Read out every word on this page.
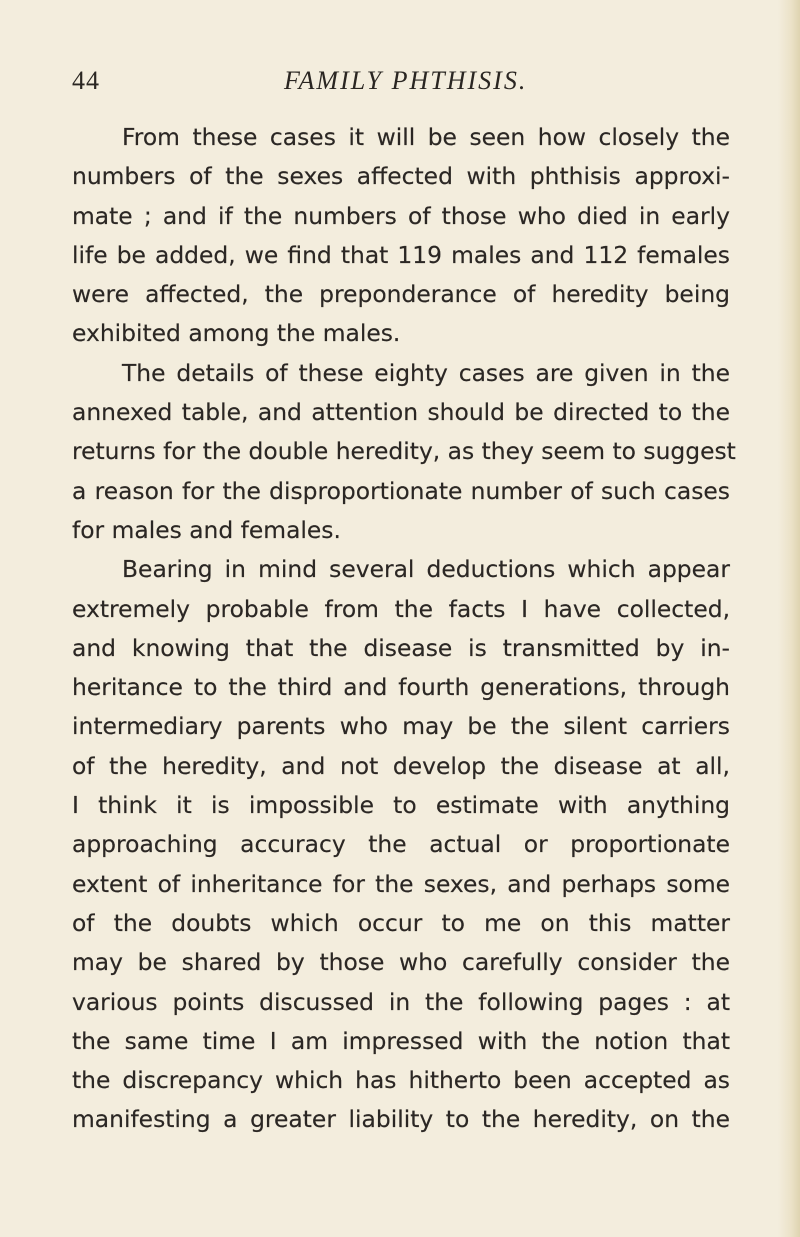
44	FAMILY PHTHISIS.
From these cases it will be seen how closely the
numbers of the sexes affected with phthisis approxi-
mate ; and if the numbers of those who died in early
life be added, we find that 119 males and 112 females
were affected, the preponderance of heredity being
exhibited among the males.
The details of these eighty cases are given in the
annexed table, and attention should be directed to the
returns for the double heredity, as they seem to suggest
a reason for the disproportionate number of such cases
for males and females.
Bearing in mind several deductions which appear
extremely probable from the facts I have collected,
and knowing that the disease is transmitted by in-
heritance to the third and fourth generations, through
intermediary parents who may be the silent carriers
of the heredity, and not develop the disease at all,
I think it is impossible to estimate with anything
approaching accuracy the actual or proportionate
extent of inheritance for the sexes, and perhaps some
of the doubts which occur to me on this matter
may be shared by those who carefully consider the
various points discussed in the following pages : at
the same time I am impressed with the notion that
the discrepancy which has hitherto been accepted as
manifesting a greater liability to the heredity, on the
